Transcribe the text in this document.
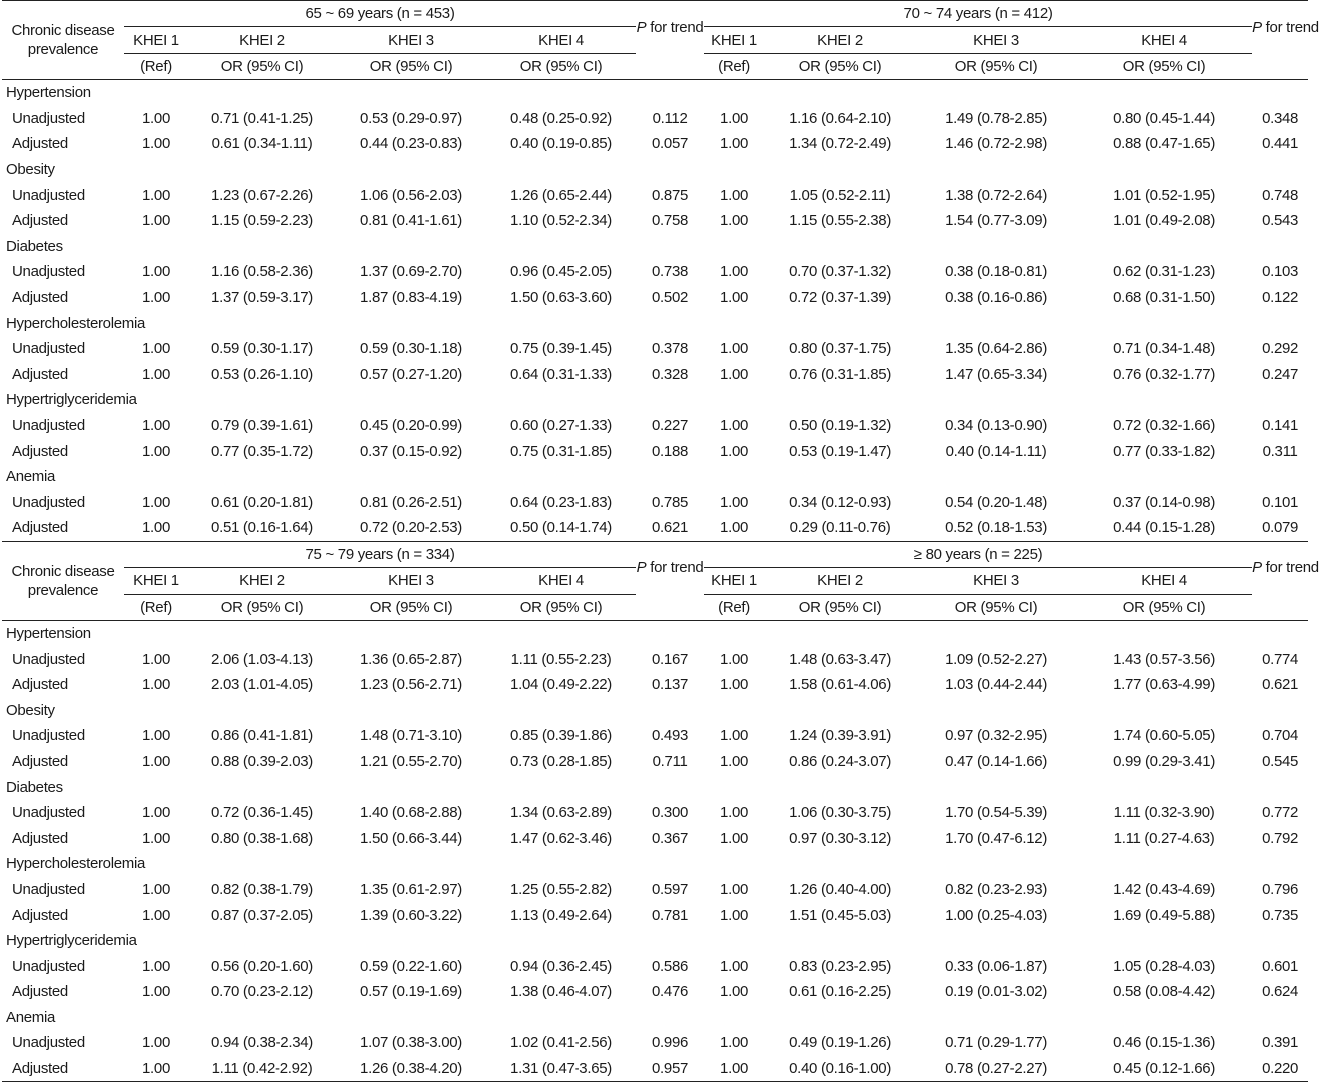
Chronic disease prevalence	65 ~ 69 years (n = 453)				P for trend	70 ~ 74 years (n = 412)				P for trend
	KHEI 1	KHEI 2	KHEI 3	KHEI 4		KHEI 1	KHEI 2	KHEI 3	KHEI 4	
	(Ref)	OR (95% CI)	OR (95% CI)	OR (95% CI)		(Ref)	OR (95% CI)	OR (95% CI)	OR (95% CI)	
Hypertension										
Unadjusted	1.00	0.71 (0.41-1.25)	0.53 (0.29-0.97)	0.48 (0.25-0.92)	0.112	1.00	1.16 (0.64-2.10)	1.49 (0.78-2.85)	0.80 (0.45-1.44)	0.348
Adjusted	1.00	0.61 (0.34-1.11)	0.44 (0.23-0.83)	0.40 (0.19-0.85)	0.057	1.00	1.34 (0.72-2.49)	1.46 (0.72-2.98)	0.88 (0.47-1.65)	0.441
Obesity										
Unadjusted	1.00	1.23 (0.67-2.26)	1.06 (0.56-2.03)	1.26 (0.65-2.44)	0.875	1.00	1.05 (0.52-2.11)	1.38 (0.72-2.64)	1.01 (0.52-1.95)	0.748
Adjusted	1.00	1.15 (0.59-2.23)	0.81 (0.41-1.61)	1.10 (0.52-2.34)	0.758	1.00	1.15 (0.55-2.38)	1.54 (0.77-3.09)	1.01 (0.49-2.08)	0.543
Diabetes										
Unadjusted	1.00	1.16 (0.58-2.36)	1.37 (0.69-2.70)	0.96 (0.45-2.05)	0.738	1.00	0.70 (0.37-1.32)	0.38 (0.18-0.81)	0.62 (0.31-1.23)	0.103
Adjusted	1.00	1.37 (0.59-3.17)	1.87 (0.83-4.19)	1.50 (0.63-3.60)	0.502	1.00	0.72 (0.37-1.39)	0.38 (0.16-0.86)	0.68 (0.31-1.50)	0.122
Hypercholesterolemia										
Unadjusted	1.00	0.59 (0.30-1.17)	0.59 (0.30-1.18)	0.75 (0.39-1.45)	0.378	1.00	0.80 (0.37-1.75)	1.35 (0.64-2.86)	0.71 (0.34-1.48)	0.292
Adjusted	1.00	0.53 (0.26-1.10)	0.57 (0.27-1.20)	0.64 (0.31-1.33)	0.328	1.00	0.76 (0.31-1.85)	1.47 (0.65-3.34)	0.76 (0.32-1.77)	0.247
Hypertriglyceridemia										
Unadjusted	1.00	0.79 (0.39-1.61)	0.45 (0.20-0.99)	0.60 (0.27-1.33)	0.227	1.00	0.50 (0.19-1.32)	0.34 (0.13-0.90)	0.72 (0.32-1.66)	0.141
Adjusted	1.00	0.77 (0.35-1.72)	0.37 (0.15-0.92)	0.75 (0.31-1.85)	0.188	1.00	0.53 (0.19-1.47)	0.40 (0.14-1.11)	0.77 (0.33-1.82)	0.311
Anemia										
Unadjusted	1.00	0.61 (0.20-1.81)	0.81 (0.26-2.51)	0.64 (0.23-1.83)	0.785	1.00	0.34 (0.12-0.93)	0.54 (0.20-1.48)	0.37 (0.14-0.98)	0.101
Adjusted	1.00	0.51 (0.16-1.64)	0.72 (0.20-2.53)	0.50 (0.14-1.74)	0.621	1.00	0.29 (0.11-0.76)	0.52 (0.18-1.53)	0.44 (0.15-1.28)	0.079
Chronic disease prevalence	75 ~ 79 years (n = 334)				P for trend	≥ 80 years (n = 225)				P for trend
	KHEI 1	KHEI 2	KHEI 3	KHEI 4		KHEI 1	KHEI 2	KHEI 3	KHEI 4	
	(Ref)	OR (95% CI)	OR (95% CI)	OR (95% CI)		(Ref)	OR (95% CI)	OR (95% CI)	OR (95% CI)	
Hypertension										
Unadjusted	1.00	2.06 (1.03-4.13)	1.36 (0.65-2.87)	1.11 (0.55-2.23)	0.167	1.00	1.48 (0.63-3.47)	1.09 (0.52-2.27)	1.43 (0.57-3.56)	0.774
Adjusted	1.00	2.03 (1.01-4.05)	1.23 (0.56-2.71)	1.04 (0.49-2.22)	0.137	1.00	1.58 (0.61-4.06)	1.03 (0.44-2.44)	1.77 (0.63-4.99)	0.621
Obesity										
Unadjusted	1.00	0.86 (0.41-1.81)	1.48 (0.71-3.10)	0.85 (0.39-1.86)	0.493	1.00	1.24 (0.39-3.91)	0.97 (0.32-2.95)	1.74 (0.60-5.05)	0.704
Adjusted	1.00	0.88 (0.39-2.03)	1.21 (0.55-2.70)	0.73 (0.28-1.85)	0.711	1.00	0.86 (0.24-3.07)	0.47 (0.14-1.66)	0.99 (0.29-3.41)	0.545
Diabetes										
Unadjusted	1.00	0.72 (0.36-1.45)	1.40 (0.68-2.88)	1.34 (0.63-2.89)	0.300	1.00	1.06 (0.30-3.75)	1.70 (0.54-5.39)	1.11 (0.32-3.90)	0.772
Adjusted	1.00	0.80 (0.38-1.68)	1.50 (0.66-3.44)	1.47 (0.62-3.46)	0.367	1.00	0.97 (0.30-3.12)	1.70 (0.47-6.12)	1.11 (0.27-4.63)	0.792
Hypercholesterolemia										
Unadjusted	1.00	0.82 (0.38-1.79)	1.35 (0.61-2.97)	1.25 (0.55-2.82)	0.597	1.00	1.26 (0.40-4.00)	0.82 (0.23-2.93)	1.42 (0.43-4.69)	0.796
Adjusted	1.00	0.87 (0.37-2.05)	1.39 (0.60-3.22)	1.13 (0.49-2.64)	0.781	1.00	1.51 (0.45-5.03)	1.00 (0.25-4.03)	1.69 (0.49-5.88)	0.735
Hypertriglyceridemia										
Unadjusted	1.00	0.56 (0.20-1.60)	0.59 (0.22-1.60)	0.94 (0.36-2.45)	0.586	1.00	0.83 (0.23-2.95)	0.33 (0.06-1.87)	1.05 (0.28-4.03)	0.601
Adjusted	1.00	0.70 (0.23-2.12)	0.57 (0.19-1.69)	1.38 (0.46-4.07)	0.476	1.00	0.61 (0.16-2.25)	0.19 (0.01-3.02)	0.58 (0.08-4.42)	0.624
Anemia										
Unadjusted	1.00	0.94 (0.38-2.34)	1.07 (0.38-3.00)	1.02 (0.41-2.56)	0.996	1.00	0.49 (0.19-1.26)	0.71 (0.29-1.77)	0.46 (0.15-1.36)	0.391
Adjusted	1.00	1.11 (0.42-2.92)	1.26 (0.38-4.20)	1.31 (0.47-3.65)	0.957	1.00	0.40 (0.16-1.00)	0.78 (0.27-2.27)	0.45 (0.12-1.66)	0.220
